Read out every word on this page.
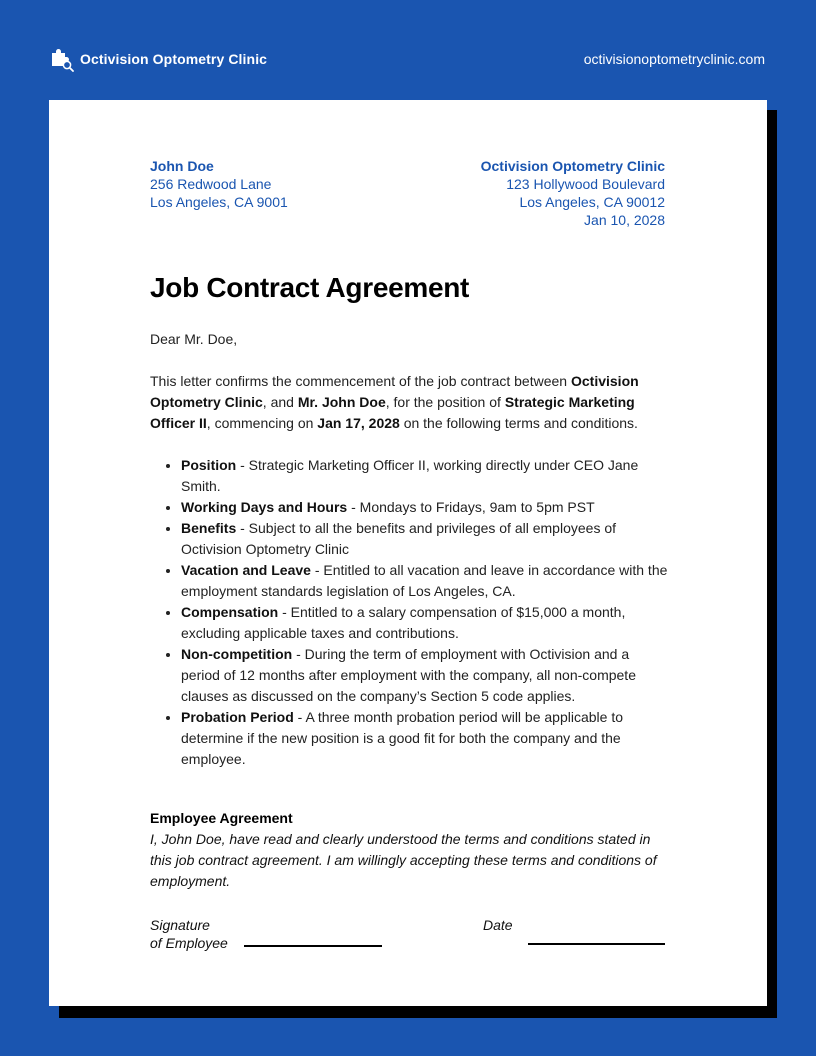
Octivision Optometry Clinic	octivisionoptometryclinic.com
John Doe
256 Redwood Lane
Los Angeles, CA 9001
Octivision Optometry Clinic
123 Hollywood Boulevard
Los Angeles, CA 90012
Jan 10, 2028
Job Contract Agreement
Dear Mr. Doe,

This letter confirms the commencement of the job contract between Octivision Optometry Clinic, and Mr. John Doe, for the position of Strategic Marketing Officer II, commencing on Jan 17, 2028 on the following terms and conditions.

• Position - Strategic Marketing Officer II, working directly under CEO Jane Smith.
• Working Days and Hours - Mondays to Fridays, 9am to 5pm PST
• Benefits - Subject to all the benefits and privileges of all employees of Octivision Optometry Clinic
• Vacation and Leave - Entitled to all vacation and leave in accordance with the employment standards legislation of Los Angeles, CA.
• Compensation - Entitled to a salary compensation of $15,000 a month, excluding applicable taxes and contributions.
• Non-competition - During the term of employment with Octivision and a period of 12 months after employment with the company, all non-compete clauses as discussed on the company’s Section 5 code applies.
• Probation Period - A three month probation period will be applicable to determine if the new position is a good fit for both the company and the employee.
Employee Agreement
I, John Doe, have read and clearly understood the terms and conditions stated in this job contract agreement. I am willingly accepting these terms and conditions of employment.
Signature
of Employee
Date
